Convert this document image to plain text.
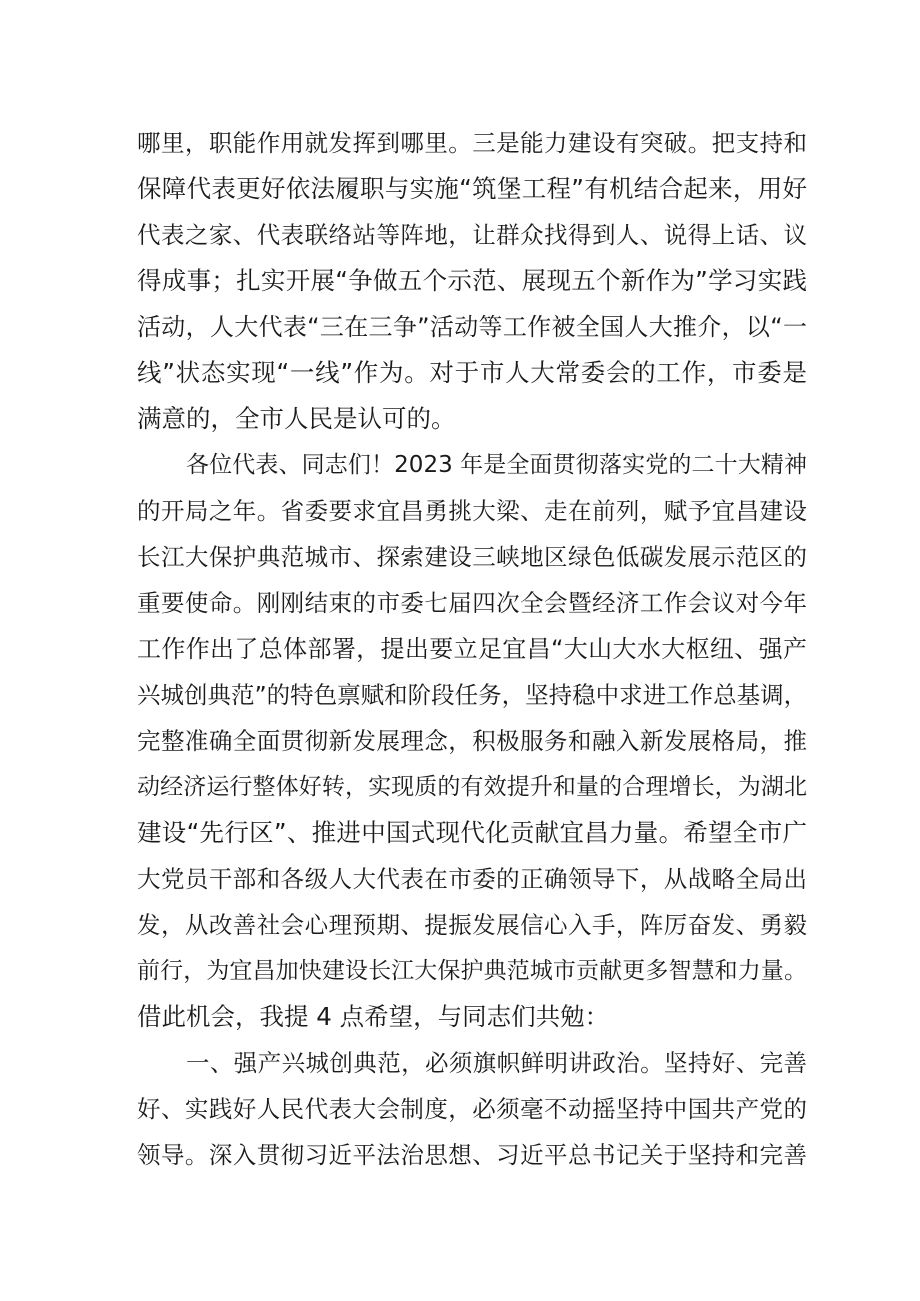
哪里，职能作用就发挥到哪里。三是能力建设有突破。把支持和
保障代表更好依法履职与实施“筑堡工程”有机结合起来，用好
代表之家、代表联络站等阵地，让群众找得到人、说得上话、议
得成事；扎实开展“争做五个示范、展现五个新作为”学习实践
活动，人大代表“三在三争”活动等工作被全国人大推介，以“一
线”状态实现“一线”作为。对于市人大常委会的工作，市委是
满意的，全市人民是认可的。
各位代表、同志们！2023 年是全面贯彻落实党的二十大精神
的开局之年。省委要求宜昌勇挑大梁、走在前列，赋予宜昌建设
长江大保护典范城市、探索建设三峡地区绿色低碳发展示范区的
重要使命。刚刚结束的市委七届四次全会暨经济工作会议对今年
工作作出了总体部署，提出要立足宜昌“大山大水大枢纽、强产
兴城创典范”的特色禀赋和阶段任务，坚持稳中求进工作总基调，
完整准确全面贯彻新发展理念，积极服务和融入新发展格局，推
动经济运行整体好转，实现质的有效提升和量的合理增长，为湖北
建设“先行区”、推进中国式现代化贡献宜昌力量。希望全市广
大党员干部和各级人大代表在市委的正确领导下，从战略全局出
发，从改善社会心理预期、提振发展信心入手，阵厉奋发、勇毅
前行，为宜昌加快建设长江大保护典范城市贡献更多智慧和力量。
借此机会，我提 4 点希望，与同志们共勉：
一、强产兴城创典范，必须旗帜鲜明讲政治。坚持好、完善
好、实践好人民代表大会制度，必须毫不动摇坚持中国共产党的
领导。深入贯彻习近平法治思想、习近平总书记关于坚持和完善
